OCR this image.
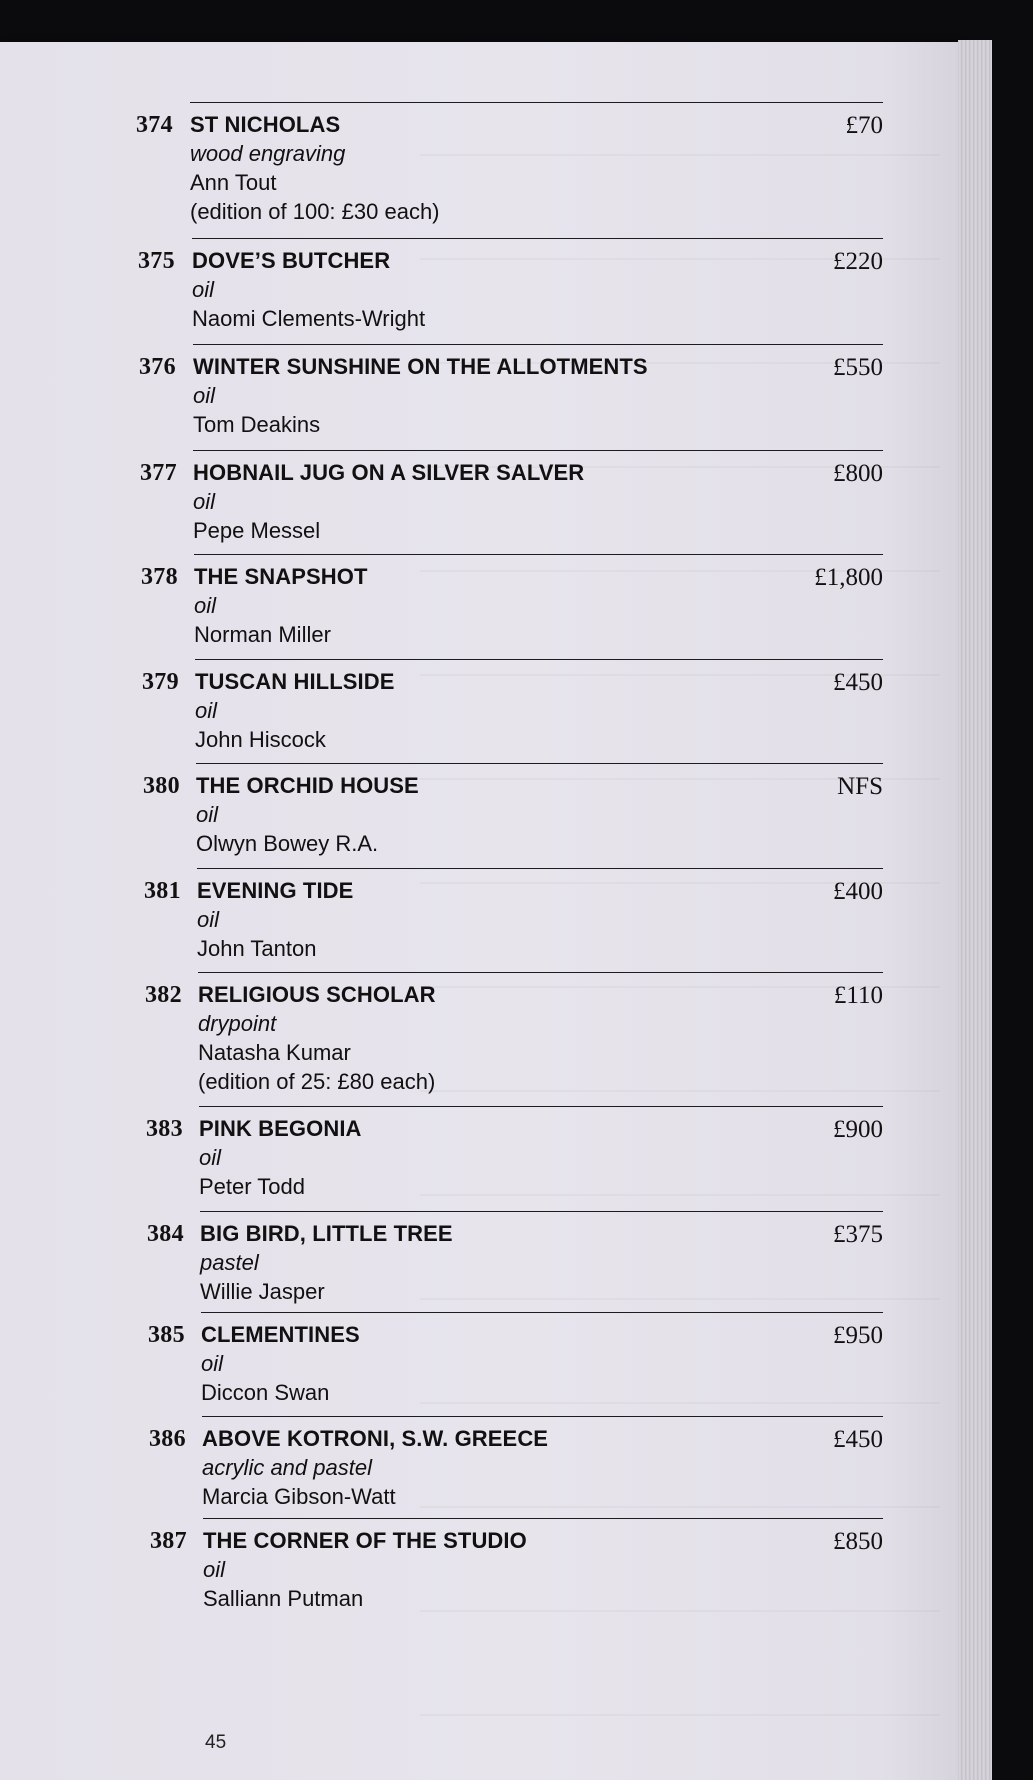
374 ST NICHOLAS
wood engraving
Ann Tout
(edition of 100: £30 each)
£70
375 DOVE’S BUTCHER
oil
Naomi Clements-Wright
£220
376 WINTER SUNSHINE ON THE ALLOTMENTS
oil
Tom Deakins
£550
377 HOBNAIL JUG ON A SILVER SALVER
oil
Pepe Messel
£800
378 THE SNAPSHOT
oil
Norman Miller
£1,800
379 TUSCAN HILLSIDE
oil
John Hiscock
£450
380 THE ORCHID HOUSE
oil
Olwyn Bowey R.A.
NFS
381 EVENING TIDE
oil
John Tanton
£400
382 RELIGIOUS SCHOLAR
drypoint
Natasha Kumar
(edition of 25: £80 each)
£110
383 PINK BEGONIA
oil
Peter Todd
£900
384 BIG BIRD, LITTLE TREE
pastel
Willie Jasper
£375
385 CLEMENTINES
oil
Diccon Swan
£950
386 ABOVE KOTRONI, S.W. GREECE
acrylic and pastel
Marcia Gibson-Watt
£450
387 THE CORNER OF THE STUDIO
oil
Salliann Putman
£850
45
